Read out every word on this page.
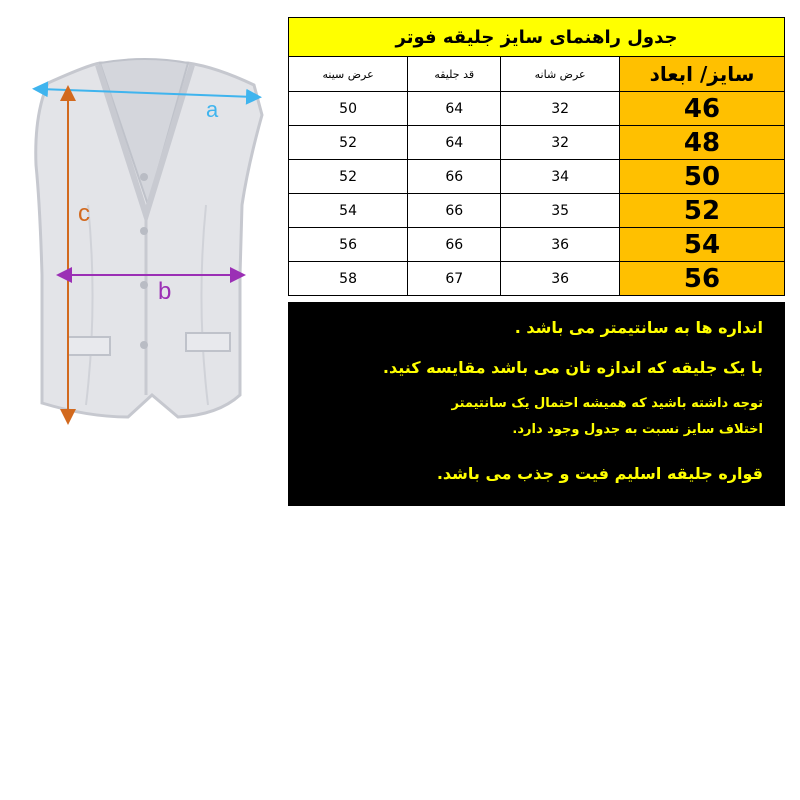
a
c
b
جدول راهنمای سایز جلیقه فوتر			
عرض سینه	قد جلیقه	عرض شانه	سایز/ ابعاد
50	64	32	46
52	64	32	48
52	66	34	50
54	66	35	52
56	66	36	54
58	67	36	56

انداره ها به سانتیمتر می باشد .

با یک جلیقه که اندازه تان می باشد مقایسه کنید.

توجه داشته باشید که همیشه احتمال یک سانتیمتر

اختلاف سایز نسبت به جدول وجود دارد.

قواره جلیقه اسلیم فیت و جذب می باشد.
